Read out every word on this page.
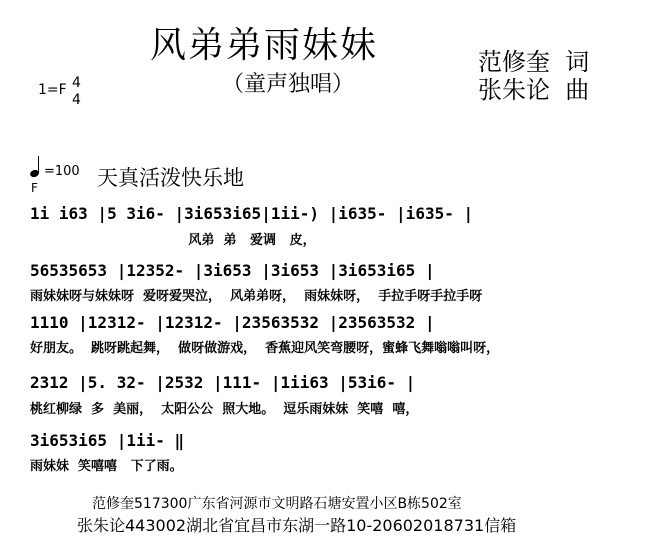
风弟弟雨妹妹
（童声独唱）
范修奎  词
张朱论  曲
1=F 4
4
=100
F	天真活泼快乐地
1i i63 |5 3i6- |3i653i65|1ii-) |i635- |i635- |
风弟  弟   爱调   皮，
56535653 |12352- |3i653 |3i653 |3i653i65 |
雨妹妹呀与妹妹呀  爱呀爱哭泣，  风弟弟呀，  雨妹妹呀，  手拉手呀手拉手呀
1110 |12312- |12312- |23563532 |23563532 |
好朋友。  跳呀跳起舞，  做呀做游戏，  香蕉迎风笑弯腰呀，蜜蜂飞舞嗡嗡叫呀，
2312 |5. 32- |2532 |111- |1ii63 |53i6- |
桃红柳绿  多  美丽，  太阳公公  照大地。  逗乐雨妹妹  笑嘻  嘻，
3i653i65 |1ii- ‖
雨妹妹  笑嘻嘻   下了雨。
范修奎517300广东省河源市文明路石塘安置小区B栋502室
张朱论443002湖北省宜昌市东湖一路10-20602018731信箱
